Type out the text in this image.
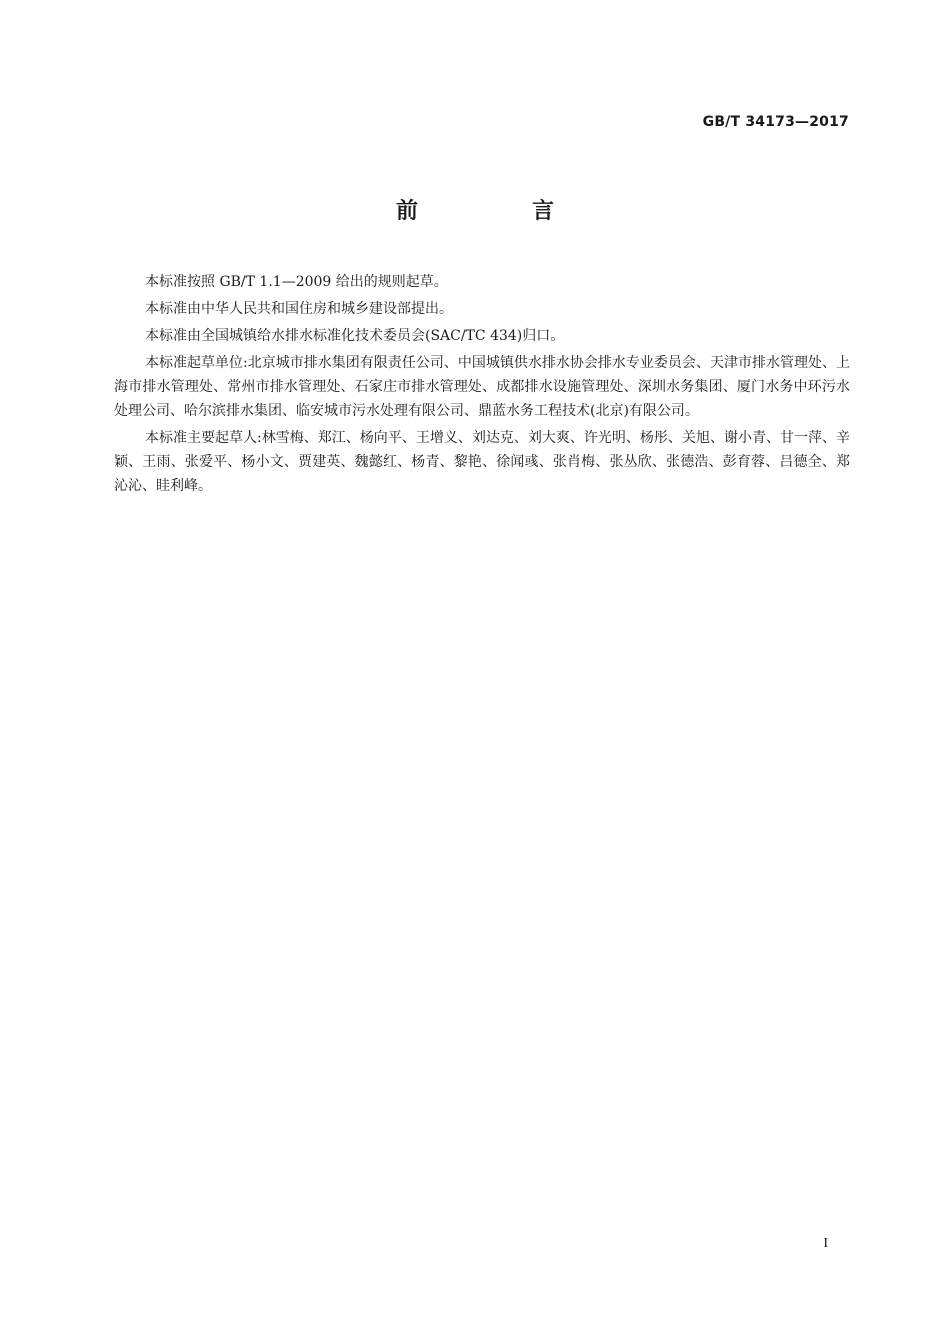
GB/T 34173—2017
前　言

本标准按照 GB/T 1.1—2009 给出的规则起草。

本标准由中华人民共和国住房和城乡建设部提出。

本标准由全国城镇给水排水标准化技术委员会(SAC/TC 434)归口。

本标准起草单位:北京城市排水集团有限责任公司、中国城镇供水排水协会排水专业委员会、天津市排水管理处、上海市排水管理处、常州市排水管理处、石家庄市排水管理处、成都排水设施管理处、深圳水务集团、厦门水务中环污水处理公司、哈尔滨排水集团、临安城市污水处理有限公司、鼎蓝水务工程技术(北京)有限公司。

本标准主要起草人:林雪梅、郑江、杨向平、王增义、刘达克、刘大爽、许光明、杨彤、关旭、谢小青、甘一萍、辛颖、王雨、张爱平、杨小文、贾建英、魏懿红、杨青、黎艳、徐闻彧、张肖梅、张丛欣、张德浩、彭育蓉、吕德全、郑沁沁、眭利峰。

I
